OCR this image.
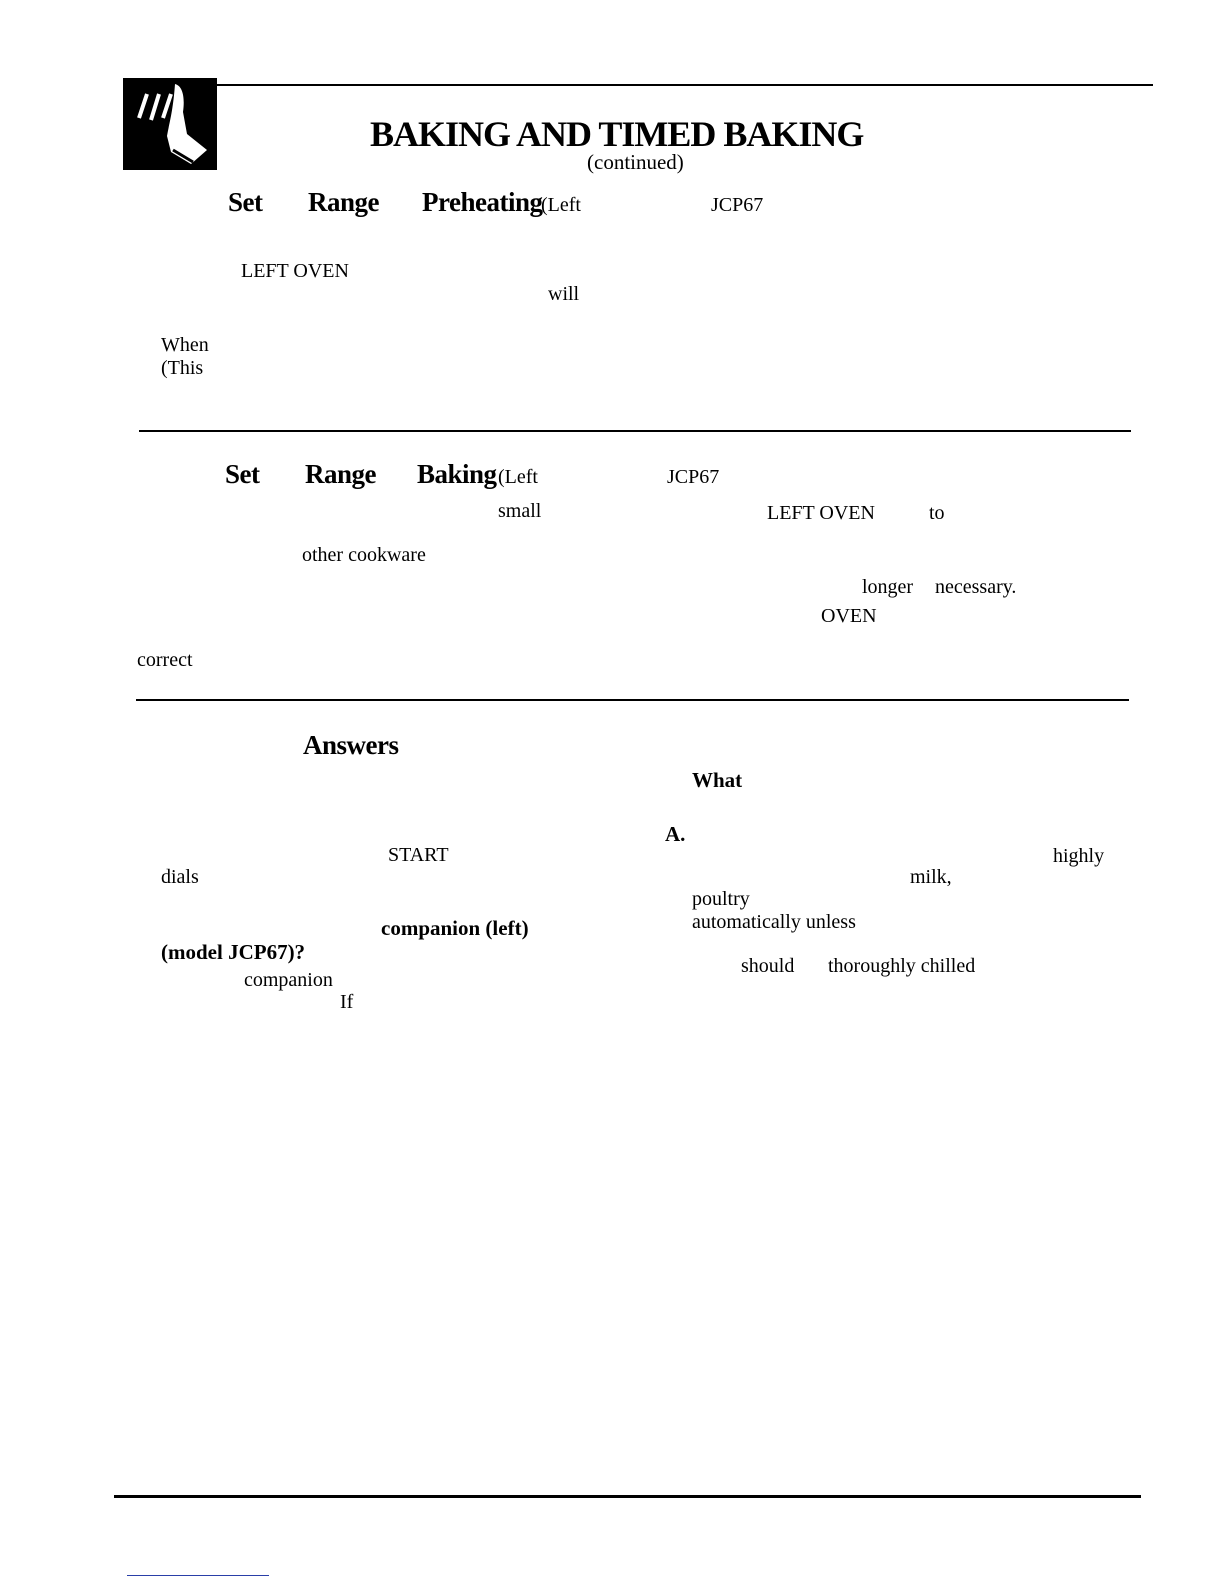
BAKING AND TIMED BAKING
(continued)
Set Range Preheating
(Left	JCP67
LEFT OVEN
will
When
(This
Set Range Baking (Left	JCP67
small	LEFT OVEN	to
other cookware
longer necessary.
OVEN
correct
Answers
START
dials
companion (left)
(model JCP67)?
companion
If
What
A.
highly
milk,
poultry
automatically unless
should thoroughly chilled
